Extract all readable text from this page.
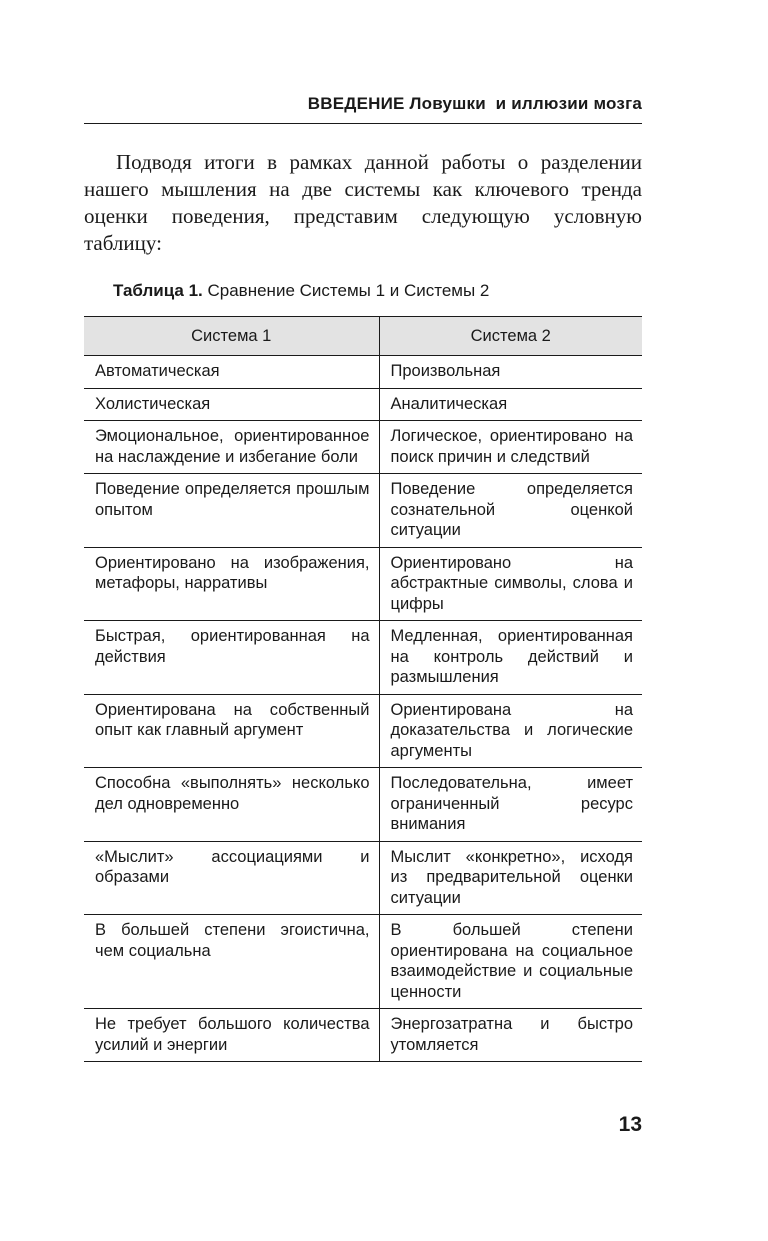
ВВЕДЕНИЕ Ловушки  и иллюзии мозга

Подводя итоги в рамках данной работы о разделении нашего мышления на две системы как ключевого тренда оценки поведения, представим следующую условную таблицу:

Таблица 1. Сравнение Системы 1 и Системы 2
Система 1	Система 2
Автоматическая	Произвольная
Холистическая	Аналитическая
Эмоциональное, ориентированное на наслаждение и избегание боли	Логическое, ориентировано на поиск причин и следствий
Поведение определяется прошлым опытом	Поведение определяется сознательной оценкой ситуации
Ориентировано на изображения, метафоры, нарративы	Ориентировано на абстрактные символы, слова и цифры
Быстрая, ориентированная на действия	Медленная, ориентированная на контроль действий и размышления
Ориентирована на собственный опыт как главный аргумент	Ориентирована на доказательства и логические аргументы
Способна «выполнять» несколько дел одновременно	Последовательна, имеет ограниченный ресурс внимания
«Мыслит» ассоциациями и образами	Мыслит «конкретно», исходя из предварительной оценки ситуации
В большей степени эгоистична, чем социальна	В большей степени ориентирована на социальное взаимодействие и социальные ценности
Не требует большого количества усилий и энергии	Энергозатратна и быстро утомляется
13
